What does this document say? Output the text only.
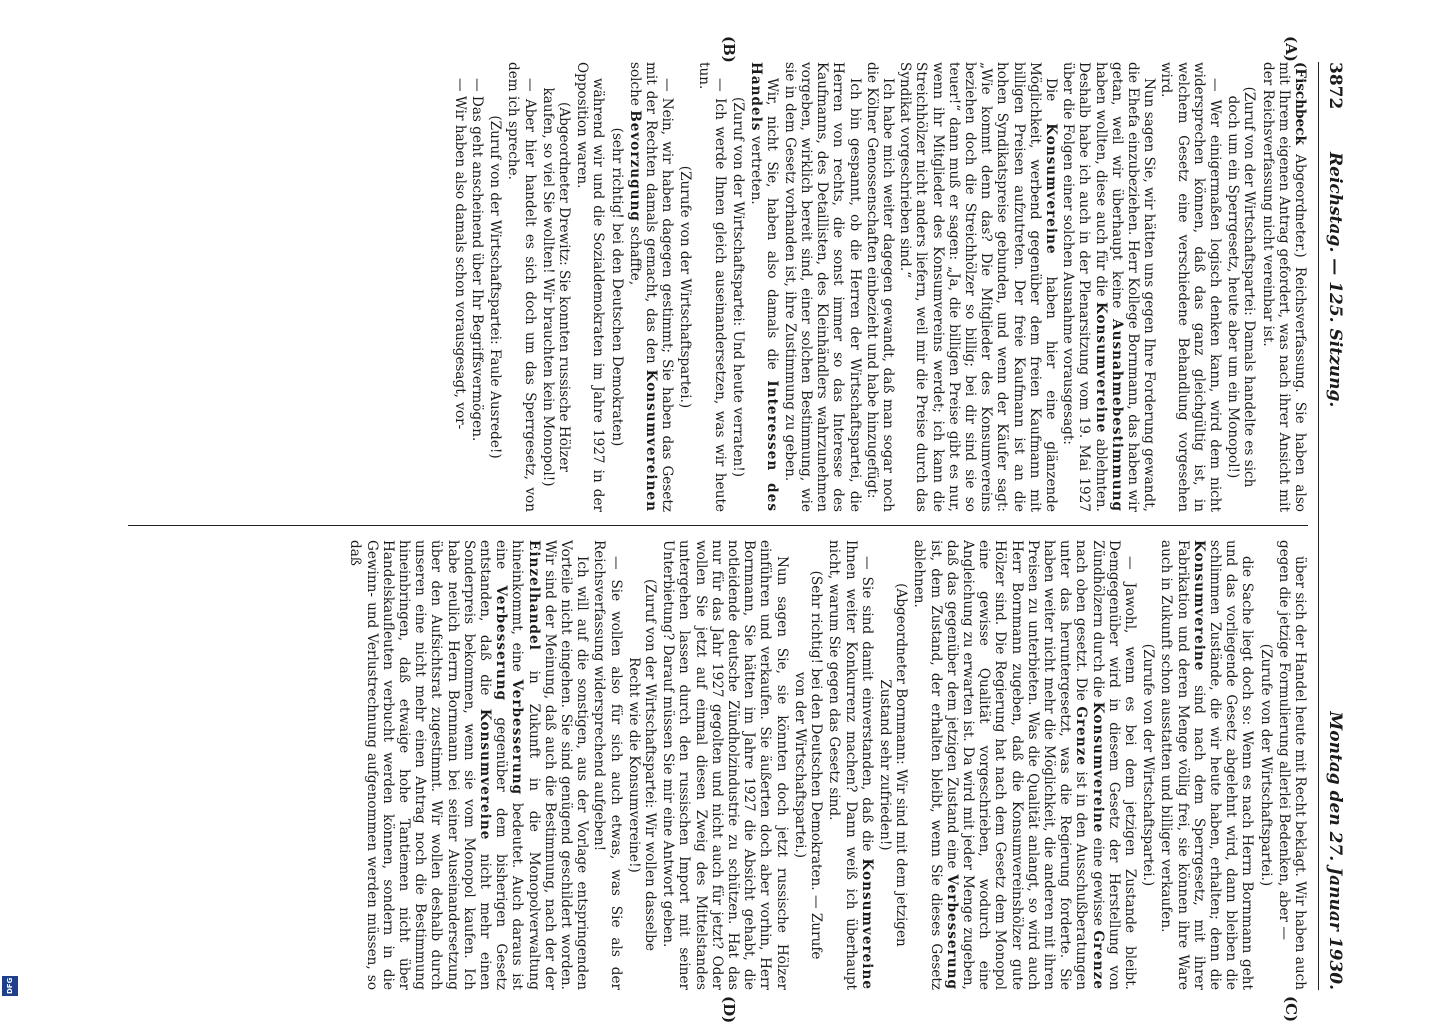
DFG
3872
Reichstag. — 125. Sitzung.
Montag den 27. Januar 1930.

(Fischbeck Abgeordneter.) Reichsverfassung. Sie haben also mit Ihrem eigenen Antrag gefordert, was nach ihrer Ansicht mit der Reichsverfassung nicht vereinbar ist.

(Zuruf von der Wirtschaftspartei: Damals handelte es sich doch um ein Sperrgesetz, heute aber um ein Monopol!)

— Wer einigermaßen logisch denken kann, wird dem nicht widersprechen können, daß das ganz gleichgültig ist, in welchem Gesetz eine verschiedene Behandlung vorgesehen wird.

Nun sagen Sie, wir hätten uns gegen Ihre Forderung gewandt, die Ehefa einzubeziehen. Herr Kollege Bornmann, das haben wir getan, weil wir überhaupt keine Ausnahmebestimmung haben wollten, diese auch für die Konsumvereine ablehnten. Deshalb habe ich auch in der Plenarsitzung vom 19. Mai 1927 über die Folgen einer solchen Ausnahme vorausgesagt:

Die Konsumvereine haben hier eine glänzende Möglichkeit, werbend gegenüber dem freien Kaufmann mit billigen Preisen aufzutreten. Der freie Kaufmann ist an die hohen Syndikatspreise gebunden, und wenn der Käufer sagt: „Wie kommt denn das? Die Mitglieder des Konsumvereins beziehen doch die Streichhölzer so billig; bei dir sind sie so teuer!“ dann muß er sagen: „Ja, die billigen Preise gibt es nur, wenn ihr Mitglieder des Konsumvereins werdet; ich kann die Streichhölzer nicht anders liefern, weil mir die Preise durch das Syndikat vorgeschrieben sind.“

Ich habe mich weiter dagegen gewandt, daß man sogar noch die Kölner Genossenschaften einbezieht und habe hinzugefügt:

Ich bin gespannt, ob die Herren der Wirtschaftspartei, die Herren von rechts, die sonst immer so das Interesse des Kaufmanns, des Detaillisten, des Kleinhändlers wahrzunehmen vorgeben, wirklich bereit sind, einer solchen Bestimmung, wie sie in dem Gesetz vorhanden ist, ihre Zustimmung zu geben.

Wir, nicht Sie, haben also damals die Interessen des Handels vertreten.

(Zuruf von der Wirtschaftspartei: Und heute verraten!)

— Ich werde Ihnen gleich auseinandersetzen, was wir heute tun.

(Zurufe von der Wirtschaftspartei.)

— Nein, wir haben dagegen gestimmt; Sie haben das Gesetz mit der Rechten damals gemacht, das den Konsumvereinen solche Bevorzugung schaffte,

(sehr richtig! bei den Deutschen Demokraten)

während wir und die Sozialdemokraten im Jahre 1927 in der Opposition waren.

(Abgeordneter Drewitz: Sie konnten russische Hölzer kaufen, so viel Sie wollten! Wir brauchten kein Monopol!)

— Aber hier handelt es sich doch um das Sperrgesetz, von dem ich spreche.

(Zuruf von der Wirtschaftspartei: Faule Ausrede!)

— Das geht anscheinend über Ihr Begriffsvermögen.

— Wir haben also damals schon vorausgesagt, vor-

über sich der Handel heute mit Recht beklagt. Wir haben auch gegen die jetzige Formulierung allerlei Bedenken, aber —

(Zurufe von der Wirtschaftspartei.)

die Sache liegt doch so: Wenn es nach Herrn Bornmann geht und das vorliegende Gesetz abgelehnt wird, dann bleiben die schlimmen Zustände, die wir heute haben, erhalten; denn die Konsumvereine sind nach dem Sperrgesetz, mit ihrer Fabrikation und deren Menge völlig frei, sie können ihre Ware auch in Zukunft schon ausstatten und billiger verkaufen.

(Zurufe von der Wirtschaftspartei.)

— Jawohl, wenn es bei dem jetzigen Zustande bleibt. Demgegenüber wird in diesem Gesetz der Herstellung von Zündhölzern durch die Konsumvereine eine gewisse Grenze nach oben gesetzt. Die Grenze ist in den Ausschußberatungen unter das heruntergesetzt, was die Regierung forderte. Sie haben weiter nicht mehr die Möglichkeit, die anderen mit ihren Preisen zu unterbieten. Was die Qualität anlangt, so wird auch Herr Bornmann zugeben, daß die Konsumvereinshölzer gute Hölzer sind. Die Regierung hat nach dem Gesetz dem Monopol eine gewisse Qualität vorgeschrieben, wodurch eine Angleichung zu erwarten ist. Da wird mit jeder Menge zugeben, daß das gegenüber dem jetzigen Zustand eine Verbesserung ist, dem Zustand, der erhalten bleibt, wenn Sie dieses Gesetz ablehnen.

(Abgeordneter Bornmann: Wir sind mit dem jetzigen Zustand sehr zufrieden!)

— Sie sind damit einverstanden, daß die Konsumvereine Ihnen weiter Konkurrenz machen? Dann weiß ich überhaupt nicht, warum Sie gegen das Gesetz sind.

(Sehr richtig! bei den Deutschen Demokraten. — Zurufe von der Wirtschaftspartei.)

Nun sagen Sie, sie könnten doch jetzt russische Hölzer einführen und verkaufen. Sie äußerten doch aber vorhin, Herr Bornmann, Sie hätten im Jahre 1927 die Absicht gehabt, die notleidende deutsche Zündholzindustrie zu schützen. Hat das nur für das Jahr 1927 gegolten und nicht auch für jetzt? Oder wollen Sie jetzt auf einmal diesen Zweig des Mittelstandes untergehen lassen durch den russischen Import mit seiner Unterbietung? Darauf müssen Sie mir eine Antwort geben.

(Zuruf von der Wirtschaftspartei: Wir wollen dasselbe Recht wie die Konsumvereine!)

— Sie wollen also für sich auch etwas, was Sie als der Reichsverfassung widersprechend aufgeben!

Ich will auf die sonstigen, aus der Vorlage entspringenden Vorteile nicht eingehen. Sie sind genügend geschildert worden. Wir sind der Meinung, daß auch die Bestimmung, nach der der Einzelhandel in Zukunft in die Monopolverwaltung hineinkommt, eine Verbesserung bedeutet. Auch daraus ist eine Verbesserung gegenüber dem bisherigen Gesetz entstanden, daß die Konsumvereine nicht mehr einen Sonderpreis bekommen, wenn sie vom Monopol kaufen. Ich habe neulich Herrn Bornmann bei seiner Auseinandersetzung über den Aufsichtsrat zugestimmt. Wir wollen deshalb durch unseren eine nicht mehr einen Antrag noch die Bestimmung hineinbringen, daß etwaige hohe Tantiemen nicht über Handelskaufleuten verbucht werden können, sondern in die Gewinn- und Verlustrechnung aufgenommen werden müssen, so daß

(A)
(B)
(C)
(D)
